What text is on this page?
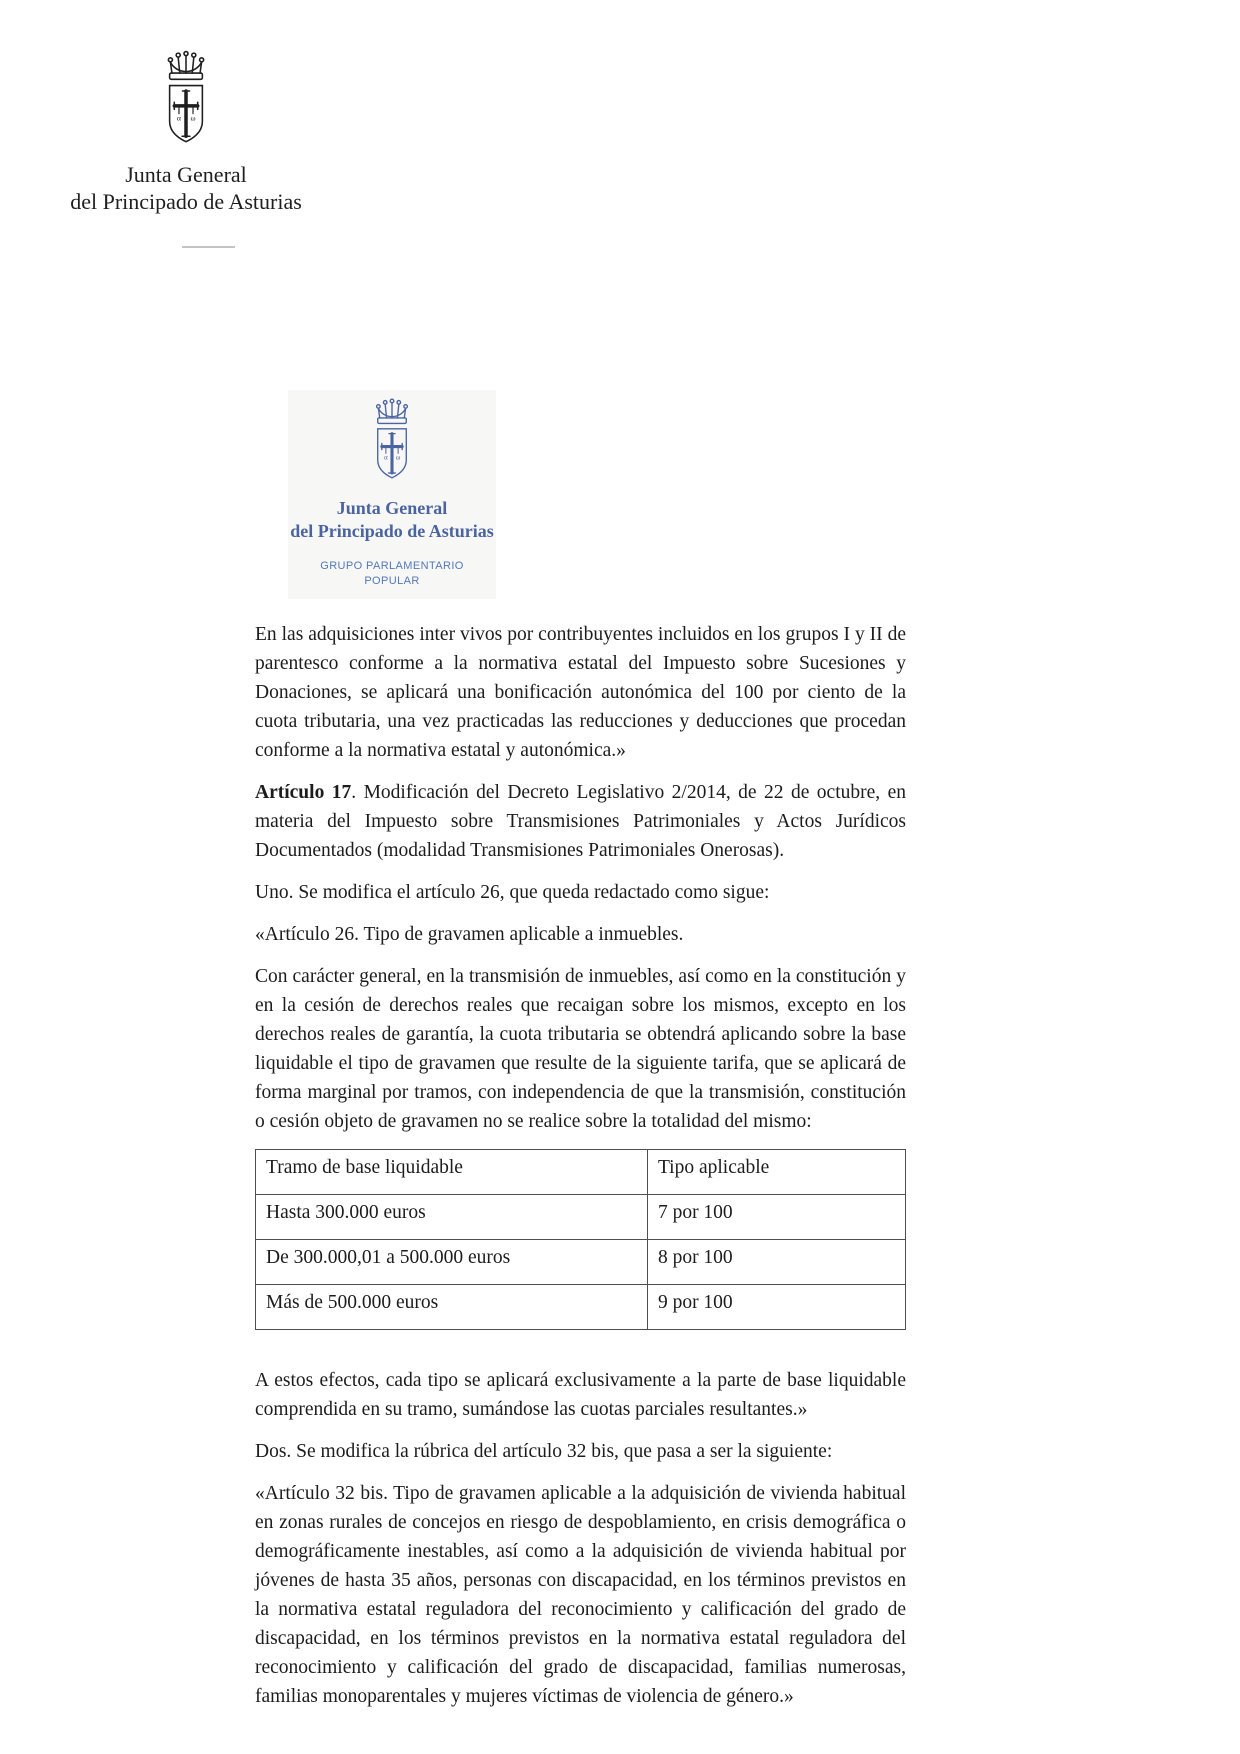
α ω
Junta General
del Principado de Asturias
α ω
Junta General
del Principado de Asturias
GRUPO PARLAMENTARIO
POPULAR

En las adquisiciones inter vivos por contribuyentes incluidos en los grupos I y II de parentesco conforme a la normativa estatal del Impuesto sobre Sucesiones y Donaciones, se aplicará una bonificación autonómica del 100 por ciento de la cuota tributaria, una vez practicadas las reducciones y deducciones que procedan conforme a la normativa estatal y autonómica.»

Artículo 17. Modificación del Decreto Legislativo 2/2014, de 22 de octubre, en materia del Impuesto sobre Transmisiones Patrimoniales y Actos Jurídicos Documentados (modalidad Transmisiones Patrimoniales Onerosas).

Uno. Se modifica el artículo 26, que queda redactado como sigue:

«Artículo 26. Tipo de gravamen aplicable a inmuebles.

Con carácter general, en la transmisión de inmuebles, así como en la constitución y en la cesión de derechos reales que recaigan sobre los mismos, excepto en los derechos reales de garantía, la cuota tributaria se obtendrá aplicando sobre la base liquidable el tipo de gravamen que resulte de la siguiente tarifa, que se aplicará de forma marginal por tramos, con independencia de que la transmisión, constitución o cesión objeto de gravamen no se realice sobre la totalidad del mismo:

Tramo de base liquidable	Tipo aplicable
Hasta 300.000 euros	7 por 100
De 300.000,01 a 500.000 euros	8 por 100
Más de 500.000 euros	9 por 100

A estos efectos, cada tipo se aplicará exclusivamente a la parte de base liquidable comprendida en su tramo, sumándose las cuotas parciales resultantes.»

Dos. Se modifica la rúbrica del artículo 32 bis, que pasa a ser la siguiente:

«Artículo 32 bis. Tipo de gravamen aplicable a la adquisición de vivienda habitual en zonas rurales de concejos en riesgo de despoblamiento, en crisis demográfica o demográficamente inestables, así como a la adquisición de vivienda habitual por jóvenes de hasta 35 años, personas con discapacidad, en los términos previstos en la normativa estatal reguladora del reconocimiento y calificación del grado de discapacidad, en los términos previstos en la normativa estatal reguladora del reconocimiento y calificación del grado de discapacidad, familias numerosas, familias monoparentales y mujeres víctimas de violencia de género.»
